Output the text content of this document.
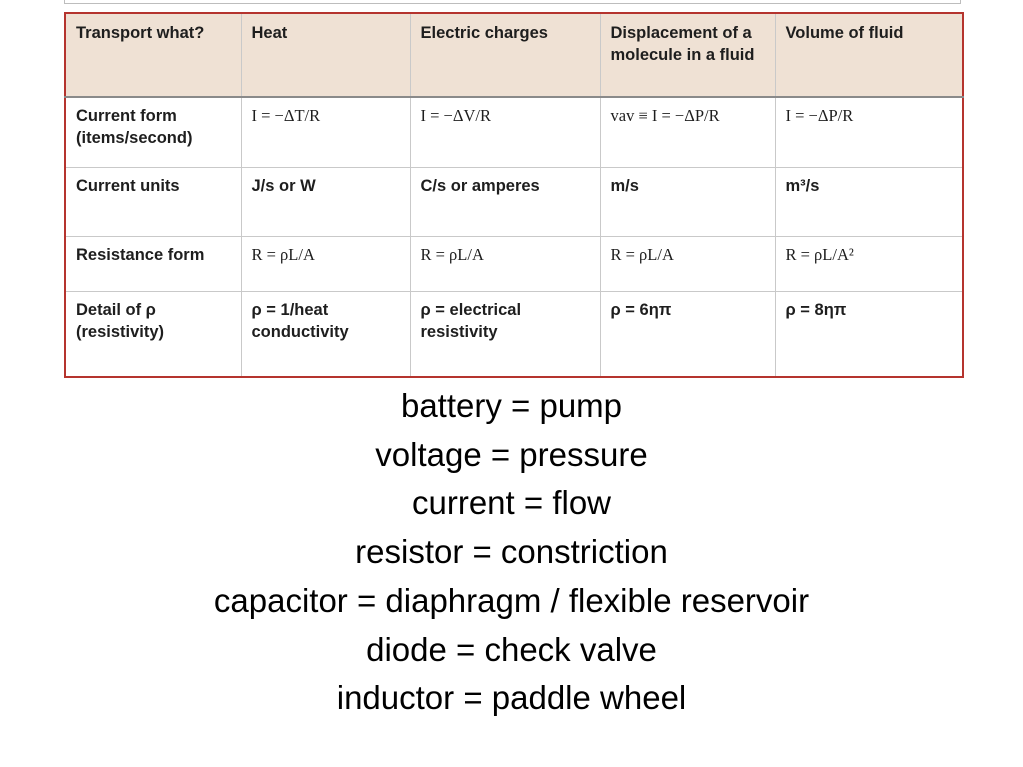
Transport what?	Heat	Electric charges	Displacement of a molecule in a fluid	Volume of fluid
Current form (items/second)	I = −ΔT/R	I = −ΔV/R	vav ≡ I = −ΔP/R	I = −ΔP/R
Current units	J/s or W	C/s or amperes	m/s	m³/s
Resistance form	R = ρL/A	R = ρL/A	R = ρL/A	R = ρL/A²
Detail of ρ (resistivity)	ρ = 1/heat conductivity	ρ = electrical resistivity	ρ = 6ηπ	ρ = 8ηπ
battery = pump
voltage = pressure
current = flow
resistor = constriction
capacitor = diaphragm / flexible reservoir
diode = check valve
inductor = paddle wheel
